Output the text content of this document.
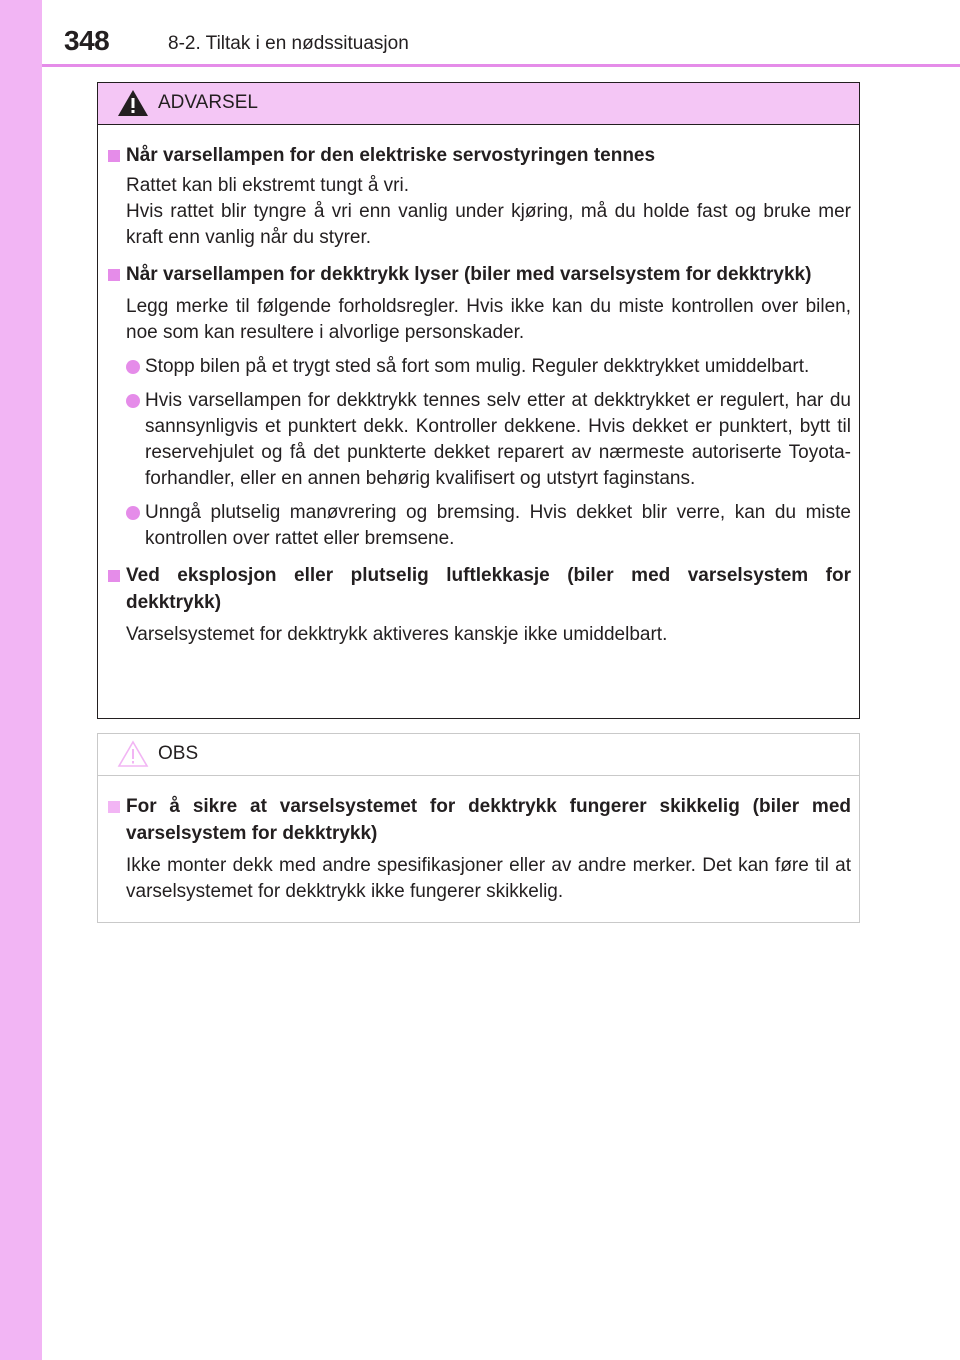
348	8-2. Tiltak i en nødssituasjon
ADVARSEL
Når varsellampen for den elektriske servostyringen tennes
Rattet kan bli ekstremt tungt å vri.
Hvis rattet blir tyngre å vri enn vanlig under kjøring, må du holde fast og bruke mer kraft enn vanlig når du styrer.
Når varsellampen for dekktrykk lyser (biler med varselsystem for dekktrykk)
Legg merke til følgende forholdsregler. Hvis ikke kan du miste kontrollen over bilen, noe som kan resultere i alvorlige personskader.
Stopp bilen på et trygt sted så fort som mulig. Reguler dekktrykket umiddelbart.
Hvis varsellampen for dekktrykk tennes selv etter at dekktrykket er regulert, har du sannsynligvis et punktert dekk. Kontroller dekkene. Hvis dekket er punktert, bytt til reservehjulet og få det punkterte dekket reparert av nærmeste autoriserte Toyota-forhandler, eller en annen behørig kvalifisert og utstyrt faginstans.
Unngå plutselig manøvrering og bremsing. Hvis dekket blir verre, kan du miste kontrollen over rattet eller bremsene.
Ved eksplosjon eller plutselig luftlekkasje (biler med varselsystem for dekktrykk)
Varselsystemet for dekktrykk aktiveres kanskje ikke umiddelbart.
OBS
For å sikre at varselsystemet for dekktrykk fungerer skikkelig (biler med varselsystem for dekktrykk)
Ikke monter dekk med andre spesifikasjoner eller av andre merker. Det kan føre til at varselsystemet for dekktrykk ikke fungerer skikkelig.
